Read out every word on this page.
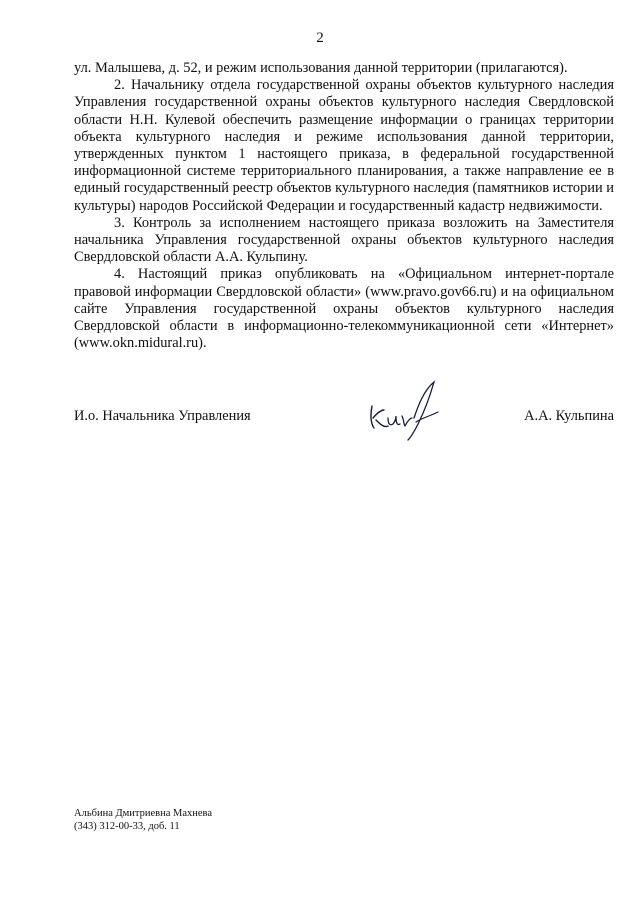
2

ул. Малышева, д. 52, и режим использования данной территории (прилагаются).

2. Начальнику отдела государственной охраны объектов культурного наследия Управления государственной охраны объектов культурного наследия Свердловской области Н.Н. Кулевой обеспечить размещение информации о границах территории объекта культурного наследия и режиме использования данной территории, утвержденных пунктом 1 настоящего приказа, в федеральной государственной информационной системе территориального планирования, а также направление ее в единый государственный реестр объектов культурного наследия (памятников истории и культуры) народов Российской Федерации и государственный кадастр недвижимости.

3. Контроль за исполнением настоящего приказа возложить на Заместителя начальника Управления государственной охраны объектов культурного наследия Свердловской области А.А. Кульпину.

4. Настоящий приказ опубликовать на «Официальном интернет-портале правовой информации Свердловской области» (www.pravo.gov66.ru) и на официальном сайте Управления государственной охраны объектов культурного наследия Свердловской области в информационно-телекоммуникационной сети «Интернет» (www.okn.midural.ru).

И.о. Начальника Управления	А.А. Кульпина
Альбина Дмитриевна Махнева
(343) 312-00-33, доб. 11
